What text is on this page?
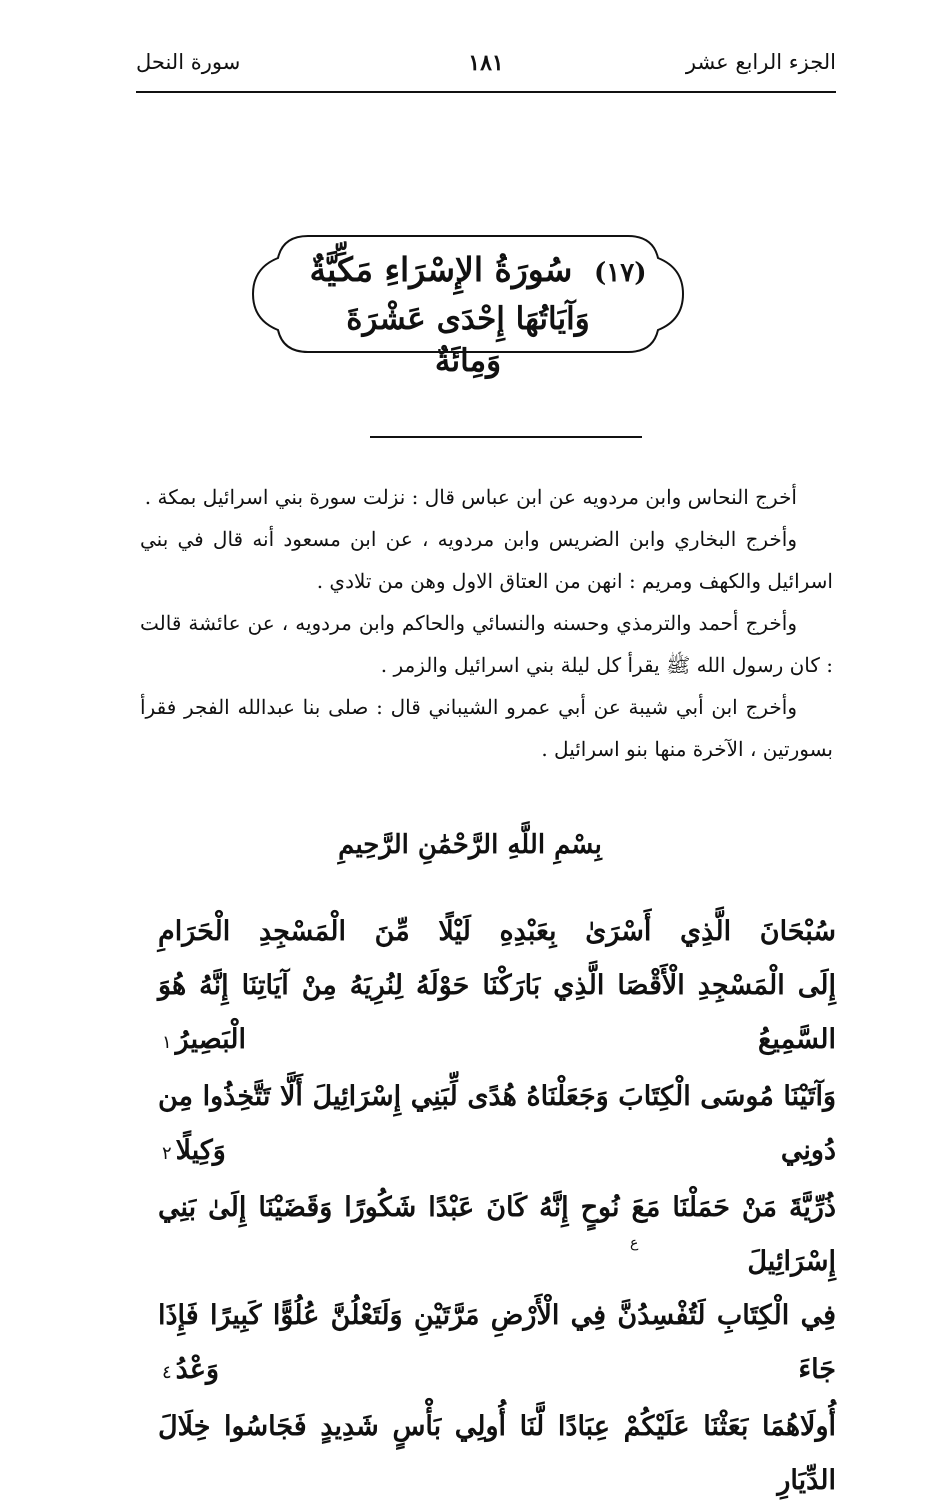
الجزء الرابع عشر
١٨١
سورة النحل
(١٧) سُورَةُ الإِسْرَاءِ مَكِّيَّةٌ
وَآيَاتُهَا إِحْدَى عَشْرَةَ وَمِائَةٌ

أخرج النحاس وابن مردويه عن ابن عباس قال : نزلت سورة بني اسرائيل بمكة .

وأخرج البخاري وابن الضريس وابن مردويه ، عن ابن مسعود أنه قال في بني اسرائيل والكهف ومريم : انهن من العتاق الاول وهن من تلادي .

وأخرج أحمد والترمذي وحسنه والنسائي والحاكم وابن مردويه ، عن عائشة قالت : كان رسول الله ﷺ يقرأ كل ليلة بني اسرائيل والزمر .

وأخرج ابن أبي شيبة عن أبي عمرو الشيباني قال : صلى بنا عبدالله الفجر فقرأ بسورتين ، الآخرة منها بنو اسرائيل .

بِسْمِ اللَّهِ الرَّحْمَٰنِ الرَّحِيمِ
سُبْحَانَ الَّذِي أَسْرَىٰ بِعَبْدِهِ لَيْلًا مِّنَ الْمَسْجِدِ الْحَرَامِ
إِلَى الْمَسْجِدِ الْأَقْصَا الَّذِي بَارَكْنَا حَوْلَهُ لِنُرِيَهُ مِنْ آيَاتِنَا إِنَّهُ هُوَ السَّمِيعُ الْبَصِيرُ١
وَآتَيْنَا مُوسَى الْكِتَابَ وَجَعَلْنَاهُ هُدًى لِّبَنِي إِسْرَائِيلَ أَلَّا تَتَّخِذُوا مِن دُونِي وَكِيلًا٢
ذُرِّيَّةَ مَنْ حَمَلْنَا مَعَ نُوحٍ إِنَّهُ كَانَ عَبْدًا شَكُورًا وَقَضَيْنَا إِلَىٰ بَنِي إِسْرَائِيلَ
فِي الْكِتَابِ لَتُفْسِدُنَّ فِي الْأَرْضِ مَرَّتَيْنِ وَلَتَعْلُنَّ عُلُوًّا كَبِيرًا فَإِذَا جَاءَ وَعْدُ٤
أُولَاهُمَا بَعَثْنَا عَلَيْكُمْ عِبَادًا لَّنَا أُولِي بَأْسٍ شَدِيدٍ فَجَاسُوا خِلَالَ الدِّيَارِ
ع
